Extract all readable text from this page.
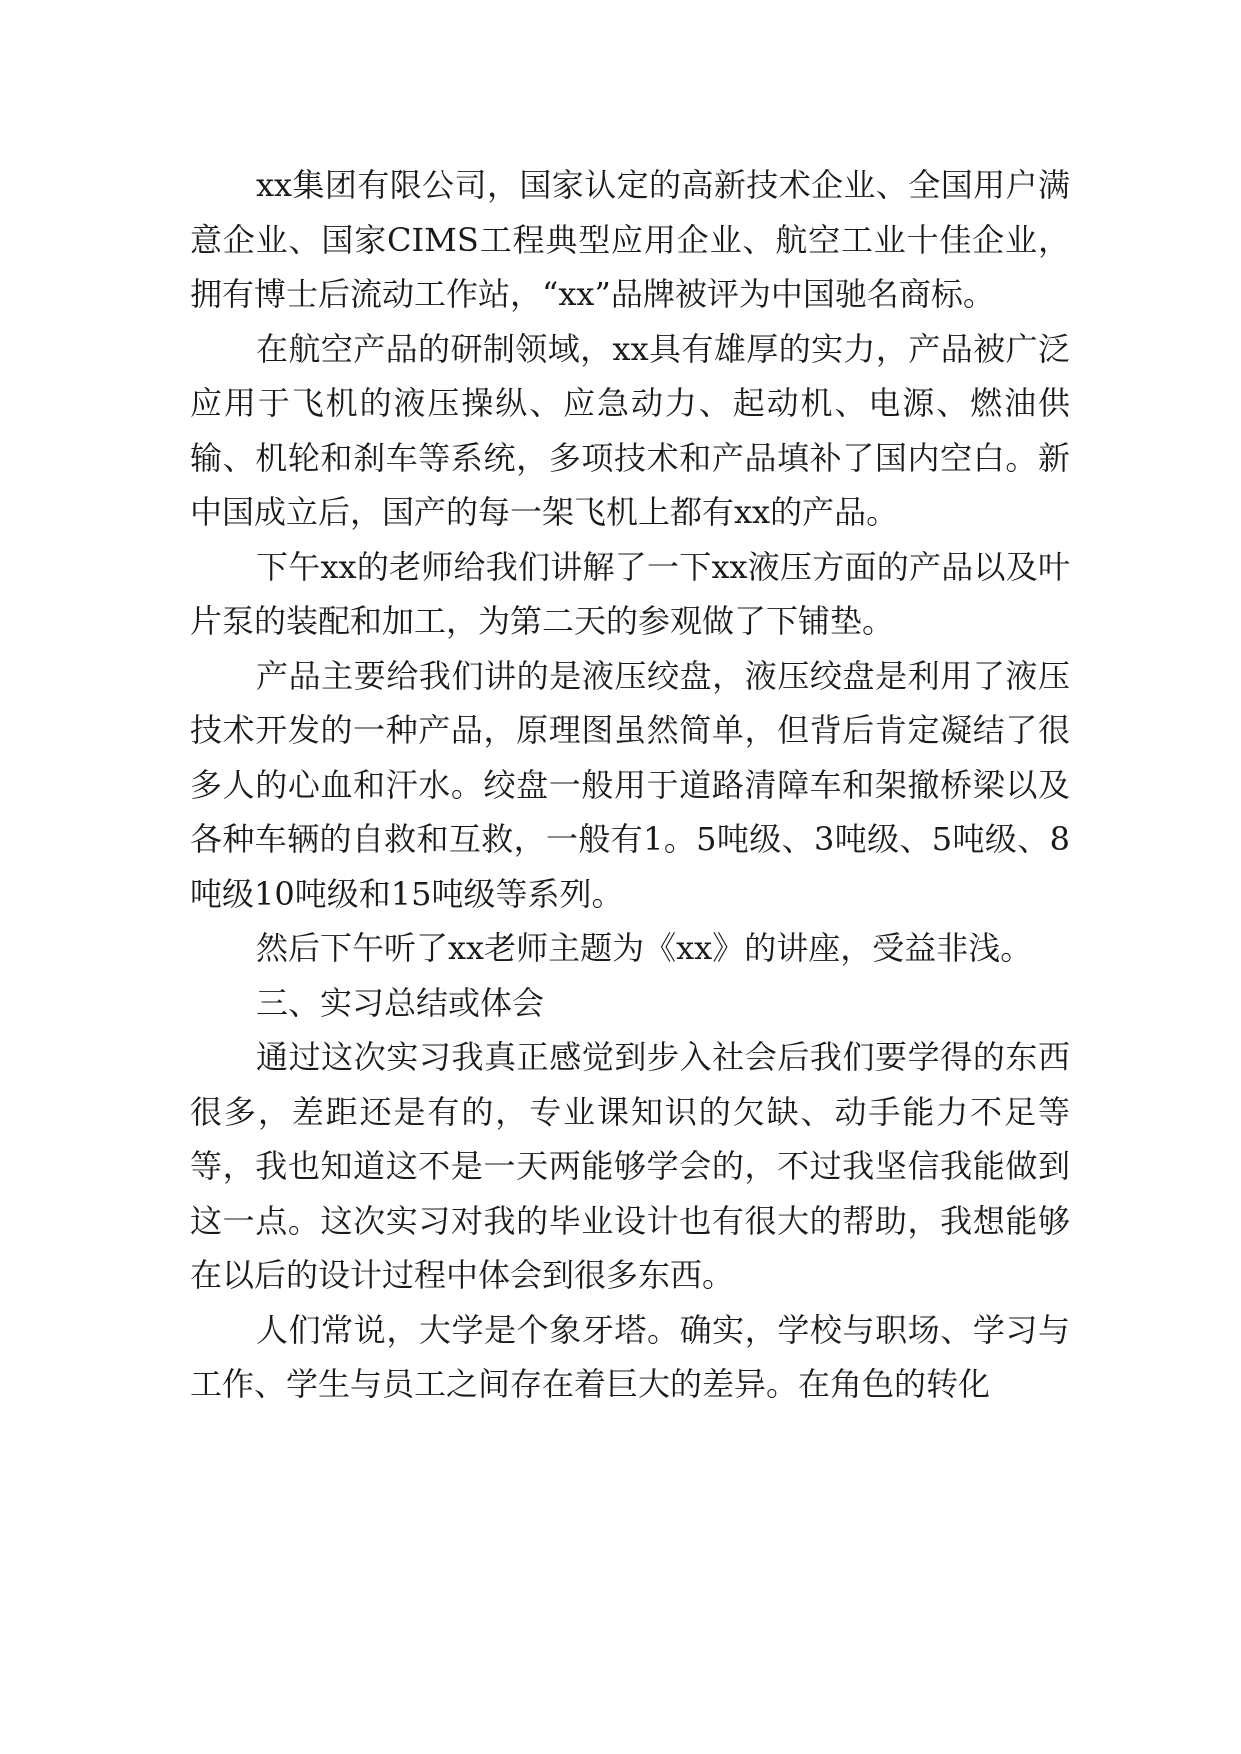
xx集团有限公司，国家认定的高新技术企业、全国用户满意企业、国家CIMS工程典型应用企业、航空工业十佳企业，拥有博士后流动工作站，“xx”品牌被评为中国驰名商标。

在航空产品的研制领域，xx具有雄厚的实力，产品被广泛应用于飞机的液压操纵、应急动力、起动机、电源、燃油供输、机轮和刹车等系统，多项技术和产品填补了国内空白。新中国成立后，国产的每一架飞机上都有xx的产品。

下午xx的老师给我们讲解了一下xx液压方面的产品以及叶片泵的装配和加工，为第二天的参观做了下铺垫。

产品主要给我们讲的是液压绞盘，液压绞盘是利用了液压技术开发的一种产品，原理图虽然简单，但背后肯定凝结了很多人的心血和汗水。绞盘一般用于道路清障车和架撤桥梁以及各种车辆的自救和互救，一般有1。5吨级、3吨级、5吨级、8吨级10吨级和15吨级等系列。

然后下午听了xx老师主题为《xx》的讲座，受益非浅。

三、实习总结或体会

通过这次实习我真正感觉到步入社会后我们要学得的东西很多，差距还是有的，专业课知识的欠缺、动手能力不足等等，我也知道这不是一天两能够学会的，不过我坚信我能做到这一点。这次实习对我的毕业设计也有很大的帮助，我想能够在以后的设计过程中体会到很多东西。

人们常说，大学是个象牙塔。确实，学校与职场、学习与工作、学生与员工之间存在着巨大的差异。在角色的转化
